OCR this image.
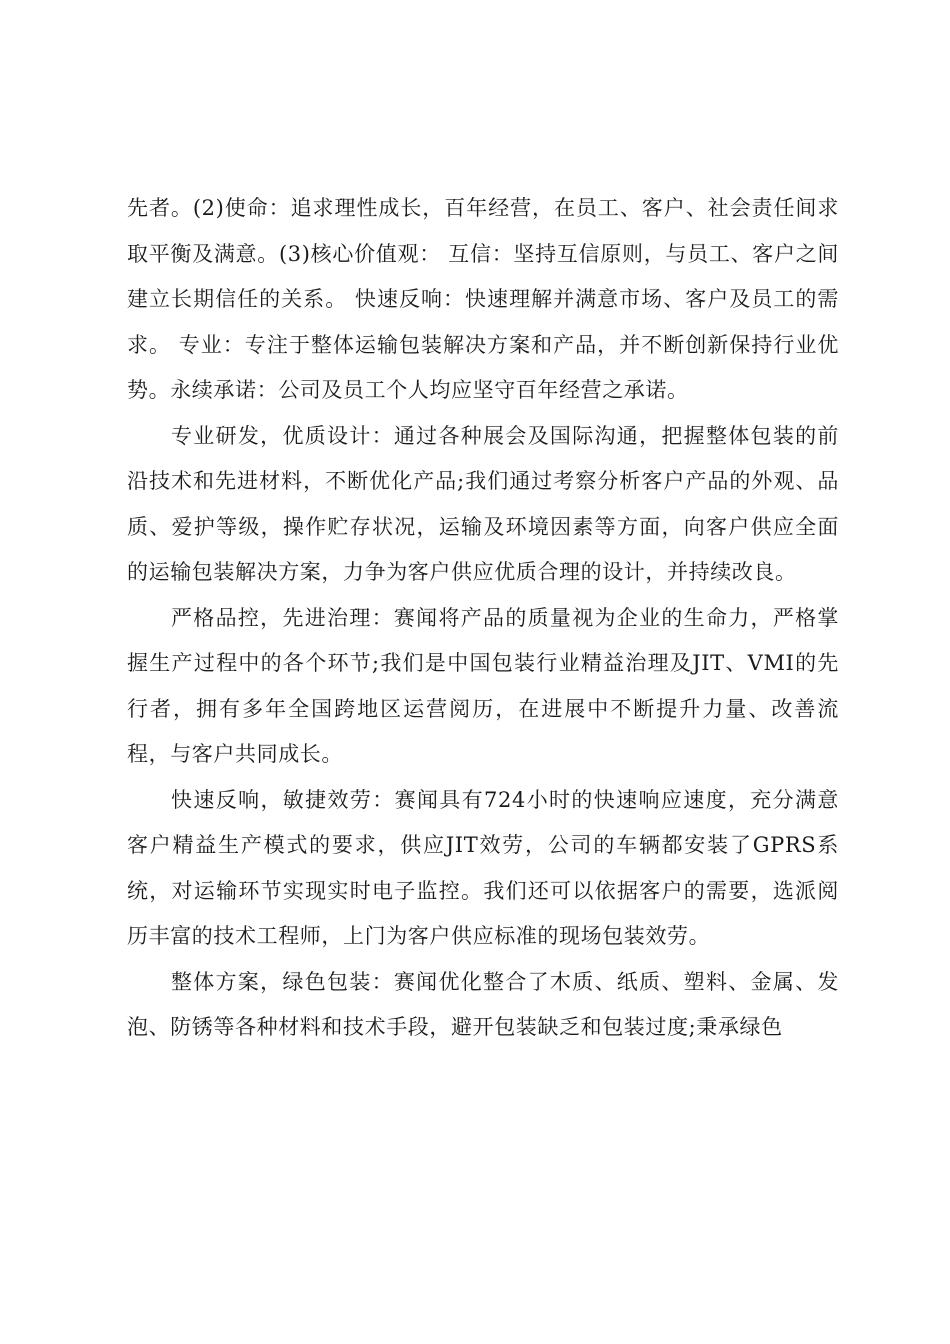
先者。(2)使命：追求理性成长，百年经营，在员工、客户、社会责任间求取平衡及满意。(3)核心价值观： 互信：坚持互信原则，与员工、客户之间建立长期信任的关系。 快速反响：快速理解并满意市场、客户及员工的需求。 专业：专注于整体运输包装解决方案和产品，并不断创新保持行业优势。永续承诺：公司及员工个人均应坚守百年经营之承诺。

专业研发，优质设计：通过各种展会及国际沟通，把握整体包装的前沿技术和先进材料，不断优化产品;我们通过考察分析客户产品的外观、品质、爱护等级，操作贮存状况，运输及环境因素等方面，向客户供应全面的运输包装解决方案，力争为客户供应优质合理的设计，并持续改良。

严格品控，先进治理：赛闻将产品的质量视为企业的生命力，严格掌握生产过程中的各个环节;我们是中国包装行业精益治理及JIT、VMI的先行者，拥有多年全国跨地区运营阅历，在进展中不断提升力量、改善流程，与客户共同成长。

快速反响，敏捷效劳：赛闻具有724小时的快速响应速度，充分满意客户精益生产模式的要求，供应JIT效劳，公司的车辆都安装了GPRS系统，对运输环节实现实时电子监控。我们还可以依据客户的需要，选派阅历丰富的技术工程师，上门为客户供应标准的现场包装效劳。

整体方案，绿色包装：赛闻优化整合了木质、纸质、塑料、金属、发泡、防锈等各种材料和技术手段，避开包装缺乏和包装过度;秉承绿色
